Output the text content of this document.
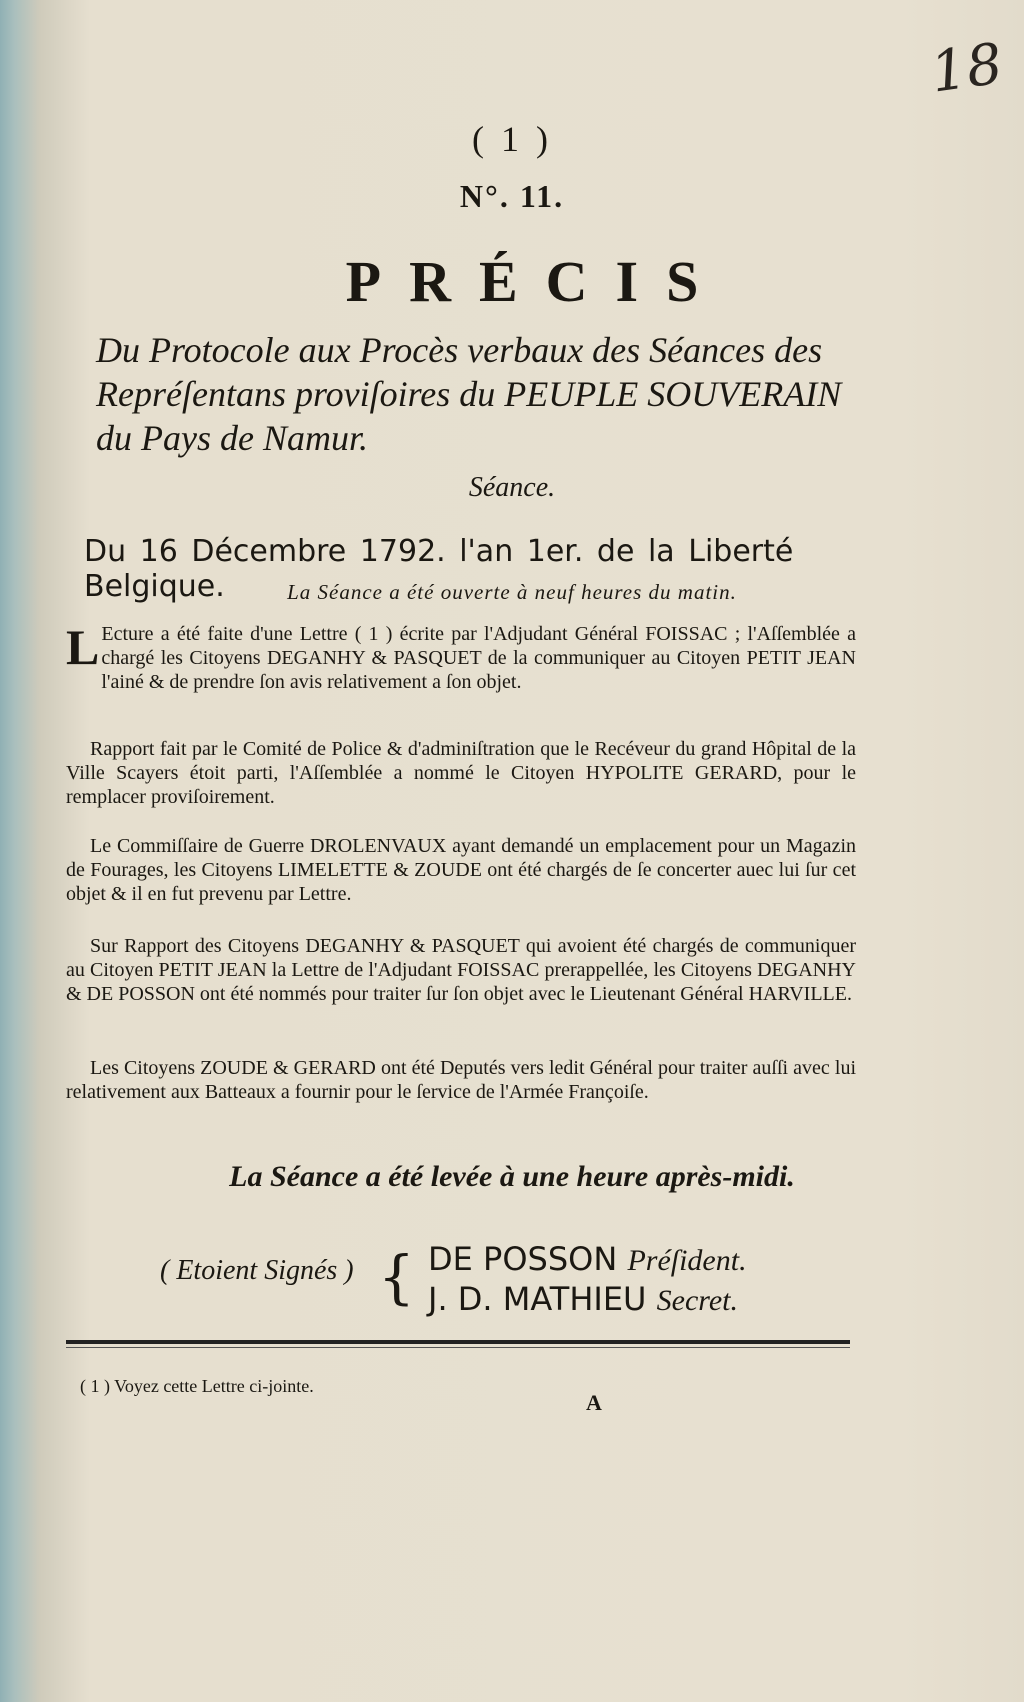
18
( 1 )
N°. 11.
PRÉCIS
Du Protocole aux Procès verbaux des Séances des Repréſentans proviſoires du PEUPLE SOUVERAIN du Pays de Namur.
Séance.
Du 16 Décembre 1792. l'an 1er. de la Liberté Belgique.	La Séance a été ouverte à neuf heures du matin.
L Ecture a été faite d'une Lettre ( 1 ) écrite par l'Adjudant Général FOISSAC ; l'Aſſemblée a chargé les Citoyens DEGANHY & PASQUET de la communiquer au Citoyen PETIT JEAN l'ainé & de prendre ſon avis relativement a ſon objet.
Rapport fait par le Comité de Police & d'adminiſtration que le Recéveur du grand Hôpital de la Ville Scayers étoit parti, l'Aſſemblée a nommé le Citoyen HYPOLITE GERARD, pour le remplacer proviſoirement.
Le Commiſſaire de Guerre DROLENVAUX ayant demandé un emplacement pour un Magazin de Fourages, les Citoyens LIMELETTE & ZOUDE ont été chargés de ſe concerter auec lui ſur cet objet & il en fut prevenu par Lettre.
Sur Rapport des Citoyens DEGANHY & PASQUET qui avoient été chargés de communiquer au Citoyen PETIT JEAN la Lettre de l'Adjudant FOISSAC prerappellée, les Citoyens DEGANHY & DE POSSON ont été nommés pour traiter ſur ſon objet avec le Lieutenant Général HARVILLE.
Les Citoyens ZOUDE & GERARD ont été Deputés vers ledit Général pour traiter auſſi avec lui relativement aux Batteaux a fournir pour le ſervice de l'Armée Françoiſe.
La Séance a été levée à une heure après-midi.
( Etoient Signés ) { DE POSSON Préſident.
J. D. MATHIEU Secret.
( 1 ) Voyez cette Lettre ci-jointe.
A
